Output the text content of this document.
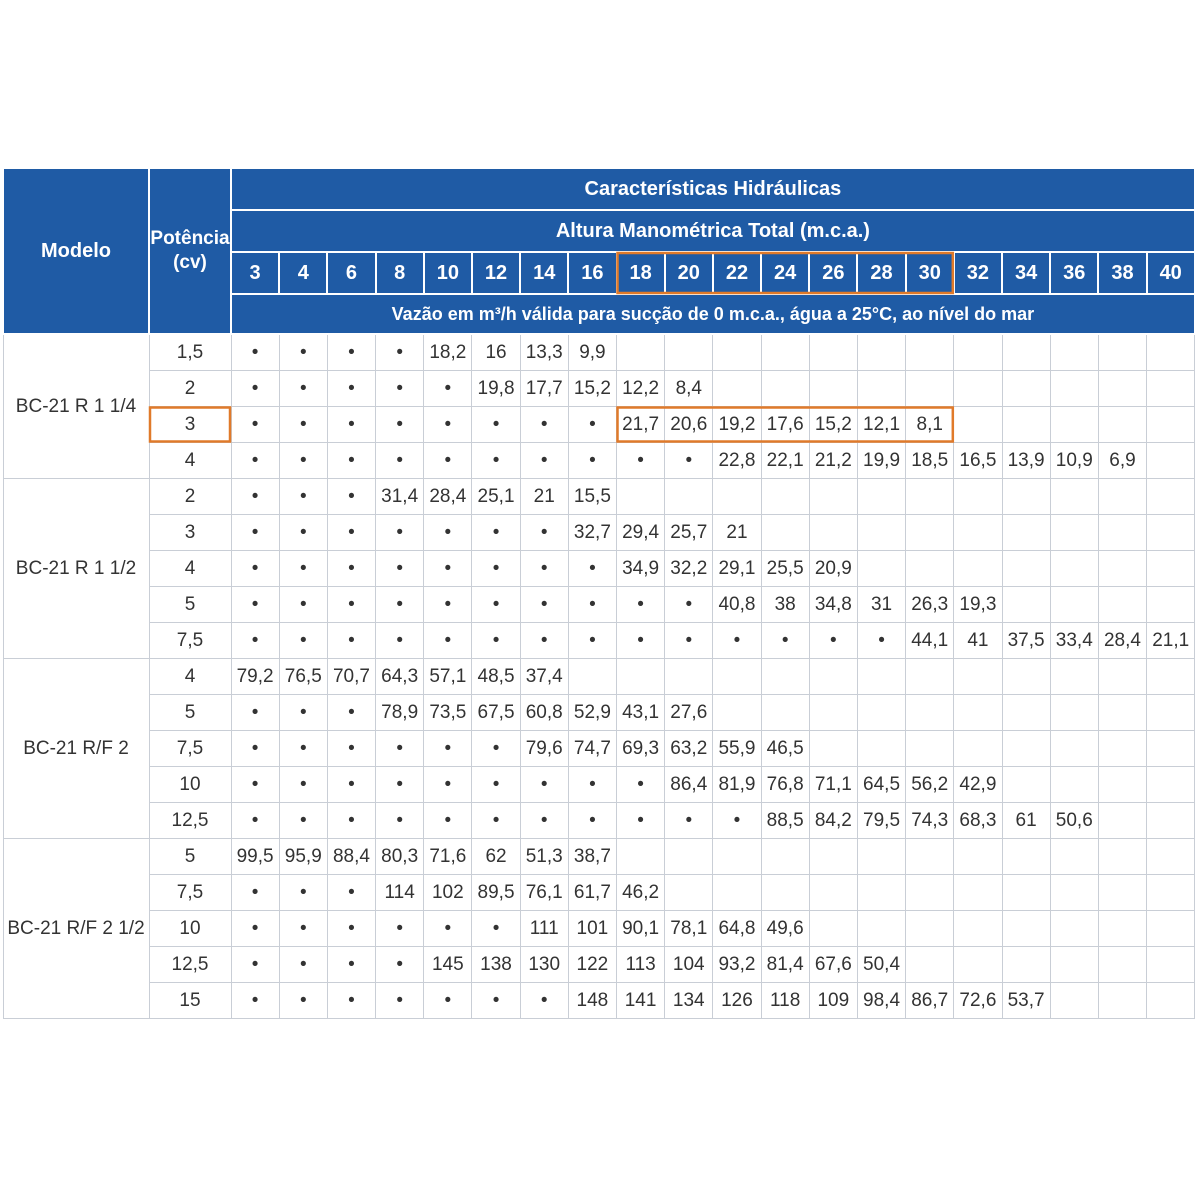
Modelo	Potência
(cv)	Características Hidráulicas																			
		Altura Manométrica Total (m.c.a.)																			
		3	4	6	8	10	12	14	16	18	20	22	24	26	28	30	32	34	36	38	40
		Vazão em m³/h válida para sucção de 0 m.c.a., água a 25°C, ao nível do mar																			
BC-21 R 1 1/4	1,5	•	•	•	•	18,2	16	13,3	9,9												
	2	•	•	•	•	•	19,8	17,7	15,2	12,2	8,4										
	3	•	•	•	•	•	•	•	•	21,7	20,6	19,2	17,6	15,2	12,1	8,1					
	4	•	•	•	•	•	•	•	•	•	•	22,8	22,1	21,2	19,9	18,5	16,5	13,9	10,9	6,9	
BC-21 R 1 1/2	2	•	•	•	31,4	28,4	25,1	21	15,5												
	3	•	•	•	•	•	•	•	32,7	29,4	25,7	21									
	4	•	•	•	•	•	•	•	•	34,9	32,2	29,1	25,5	20,9							
	5	•	•	•	•	•	•	•	•	•	•	40,8	38	34,8	31	26,3	19,3				
	7,5	•	•	•	•	•	•	•	•	•	•	•	•	•	•	44,1	41	37,5	33,4	28,4	21,1
BC-21 R/F 2	4	79,2	76,5	70,7	64,3	57,1	48,5	37,4													
	5	•	•	•	78,9	73,5	67,5	60,8	52,9	43,1	27,6										
	7,5	•	•	•	•	•	•	79,6	74,7	69,3	63,2	55,9	46,5								
	10	•	•	•	•	•	•	•	•	•	86,4	81,9	76,8	71,1	64,5	56,2	42,9				
	12,5	•	•	•	•	•	•	•	•	•	•	•	88,5	84,2	79,5	74,3	68,3	61	50,6		
BC-21 R/F 2 1/2	5	99,5	95,9	88,4	80,3	71,6	62	51,3	38,7												
	7,5	•	•	•	114	102	89,5	76,1	61,7	46,2											
	10	•	•	•	•	•	•	111	101	90,1	78,1	64,8	49,6								
	12,5	•	•	•	•	145	138	130	122	113	104	93,2	81,4	67,6	50,4						
	15	•	•	•	•	•	•	•	148	141	134	126	118	109	98,4	86,7	72,6	53,7			
